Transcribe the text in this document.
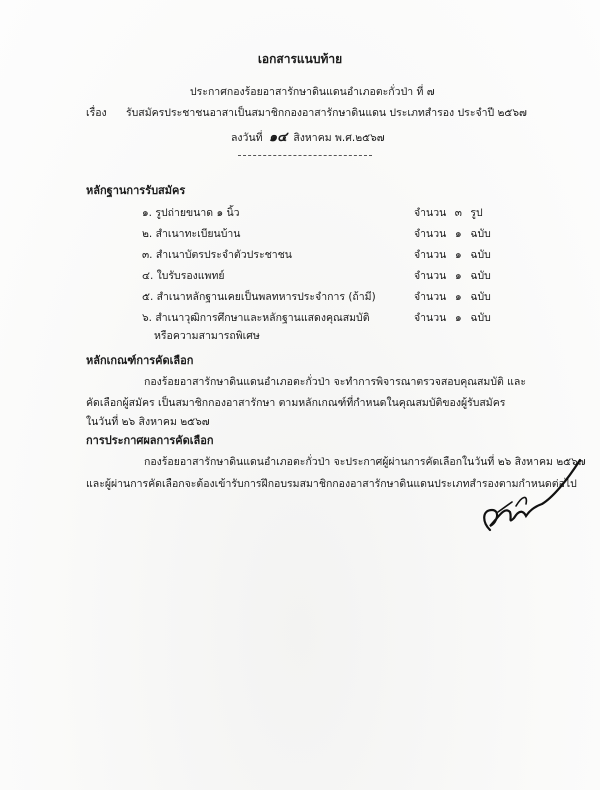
เอกสารแนบท้าย
ประกาศกองร้อยอาสารักษาดินแดนอำเภอตะกั่วป่า ที่ ๗
เรื่อง รับสมัครประชาชนอาสาเป็นสมาชิกกองอาสารักษาดินแดน ประเภทสำรอง ประจำปี ๒๕๖๗
ลงวันที่ ๑๔ สิงหาคม พ.ศ.๒๕๖๗
หลักฐานการรับสมัคร
๑. รูปถ่ายขนาด ๑ นิ้ว	จำนวน ๓ รูป
๒. สำเนาทะเบียนบ้าน	จำนวน ๑ ฉบับ
๓. สำเนาบัตรประจำตัวประชาชน	จำนวน ๑ ฉบับ
๔. ใบรับรองแพทย์	จำนวน ๑ ฉบับ
๕. สำเนาหลักฐานเคยเป็นพลทหารประจำการ (ถ้ามี)	จำนวน ๑ ฉบับ
๖. สำเนาวุฒิการศึกษาและหลักฐานแสดงคุณสมบัติ	จำนวน ๑ ฉบับ
หรือความสามารถพิเศษ
หลักเกณฑ์การคัดเลือก
กองร้อยอาสารักษาดินแดนอำเภอตะกั่วป่า จะทำการพิจารณาตรวจสอบคุณสมบัติ และ
คัดเลือกผู้สมัคร เป็นสมาชิกกองอาสารักษา ตามหลักเกณฑ์ที่กำหนดในคุณสมบัติของผู้รับสมัคร
ในวันที่ ๒๖ สิงหาคม ๒๕๖๗
การประกาศผลการคัดเลือก
กองร้อยอาสารักษาดินแดนอำเภอตะกั่วป่า จะประกาศผู้ผ่านการคัดเลือกในวันที่ ๒๖ สิงหาคม ๒๕๖๗
และผู้ผ่านการคัดเลือกจะต้องเข้ารับการฝึกอบรมสมาชิกกองอาสารักษาดินแดนประเภทสำรองตามกำหนดต่อไป
